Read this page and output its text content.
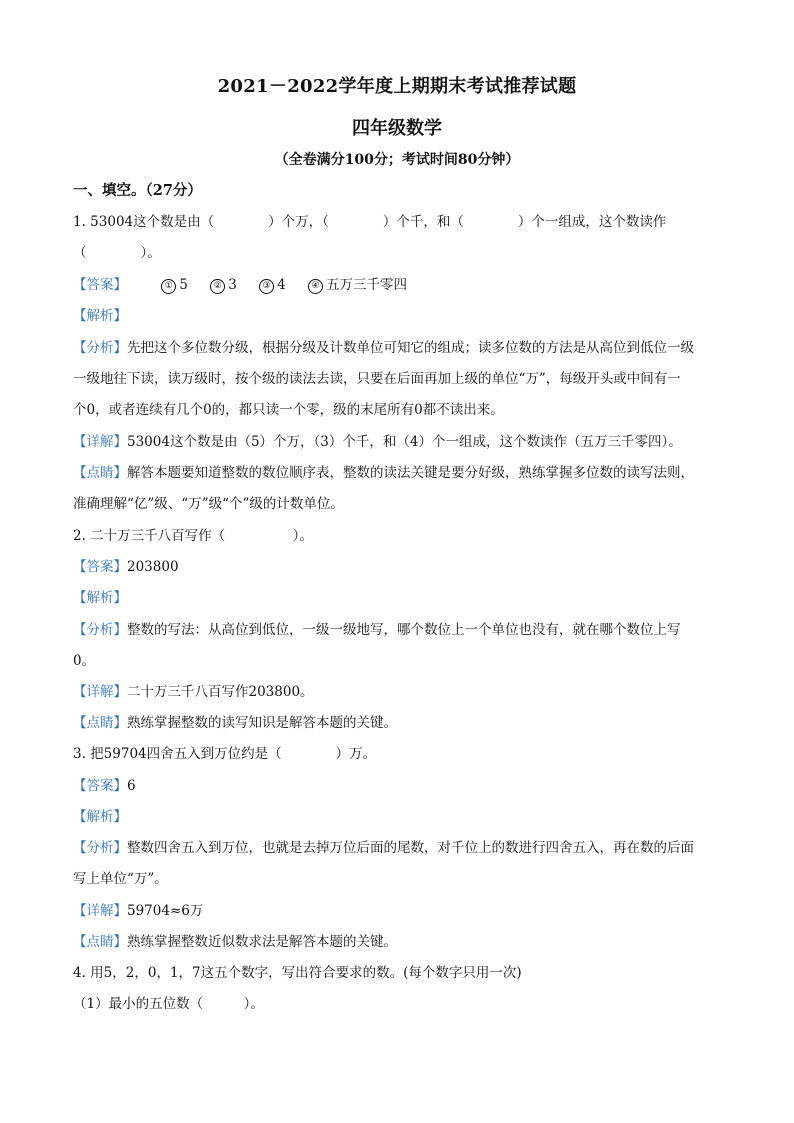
2021－2022学年度上期期末考试推荐试题
四年级数学
（全卷满分100分；考试时间80分钟）
一、填空。（27分）
1. 53004这个数是由（　　　　）个万，（　　　　）个千，和（　　　　）个一组成，这个数读作
（　　　　）。
【答案】	① 5	② 3	③ 4	④ 五万三千零四
【解析】
【分析】先把这个多位数分级，根据分级及计数单位可知它的组成；读多位数的方法是从高位到低位一级
一级地往下读，读万级时，按个级的读法去读，只要在后面再加上级的单位“万”，每级开头或中间有一
个0，或者连续有几个0的，都只读一个零，级的末尾所有0都不读出来。
【详解】53004这个数是由（5）个万，（3）个千，和（4）个一组成，这个数读作（五万三千零四）。
【点睛】解答本题要知道整数的数位顺序表，整数的读法关键是要分好级，熟练掌握多位数的读写法则，
准确理解“亿”级、“万”级“个”级的计数单位。
2. 二十万三千八百写作（　　　　　）。
【答案】203800
【解析】
【分析】整数的写法：从高位到低位，一级一级地写，哪个数位上一个单位也没有，就在哪个数位上写
0。
【详解】二十万三千八百写作203800。
【点睛】熟练掌握整数的读写知识是解答本题的关键。
3. 把59704四舍五入到万位约是（　　　　）万。
【答案】6
【解析】
【分析】整数四舍五入到万位，也就是去掉万位后面的尾数，对千位上的数进行四舍五入，再在数的后面
写上单位“万”。
【详解】59704≈6万
【点睛】熟练掌握整数近似数求法是解答本题的关键。
4. 用5，2，0，1，7这五个数字，写出符合要求的数。(每个数字只用一次)
（1）最小的五位数（　　　）。
